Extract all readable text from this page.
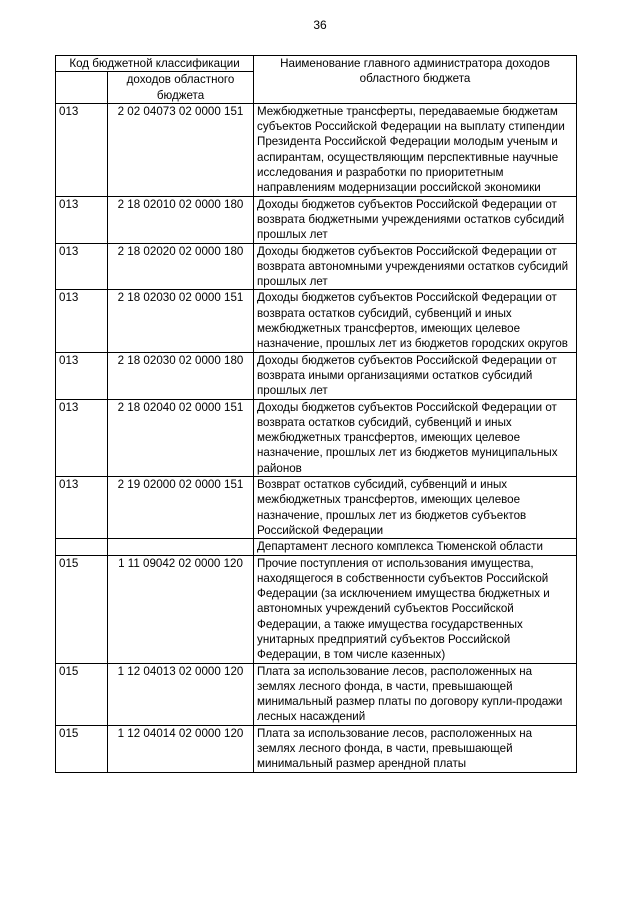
36
Код бюджетной классификации		Наименование главного администратора доходов областного бюджета
	доходов областного бюджета	
013	2 02 04073 02 0000 151	Межбюджетные трансферты, передаваемые бюджетам субъектов Российской Федерации на выплату стипендии Президента Российской Федерации молодым ученым и аспирантам, осуществляющим перспективные научные исследования и разработки по приоритетным направлениям модернизации российской экономики
013	2 18 02010 02 0000 180	Доходы бюджетов субъектов Российской Федерации от возврата бюджетными учреждениями остатков субсидий прошлых лет
013	2 18 02020 02 0000 180	Доходы бюджетов субъектов Российской Федерации от возврата автономными учреждениями остатков субсидий прошлых лет
013	2 18 02030 02 0000 151	Доходы бюджетов субъектов Российской Федерации от возврата остатков субсидий, субвенций и иных межбюджетных трансфертов, имеющих целевое назначение, прошлых лет из бюджетов городских округов
013	2 18 02030 02 0000 180	Доходы бюджетов субъектов Российской Федерации от возврата иными организациями остатков субсидий прошлых лет
013	2 18 02040 02 0000 151	Доходы бюджетов субъектов Российской Федерации от возврата остатков субсидий, субвенций и иных межбюджетных трансфертов, имеющих целевое назначение, прошлых лет из бюджетов муниципальных районов
013	2 19 02000 02 0000 151	Возврат остатков субсидий, субвенций и иных межбюджетных трансфертов, имеющих целевое назначение, прошлых лет из бюджетов субъектов Российской Федерации
		Департамент лесного комплекса Тюменской области
015	1 11 09042 02 0000 120	Прочие поступления от использования имущества, находящегося в собственности субъектов Российской Федерации (за исключением имущества бюджетных и автономных учреждений субъектов Российской Федерации, а также имущества государственных унитарных предприятий субъектов Российской Федерации, в том числе казенных)
015	1 12 04013 02 0000 120	Плата за использование лесов, расположенных на землях лесного фонда, в части, превышающей минимальный размер платы по договору купли-продажи лесных насаждений
015	1 12 04014 02 0000 120	Плата за использование лесов, расположенных на землях лесного фонда, в части, превышающей минимальный размер арендной платы
